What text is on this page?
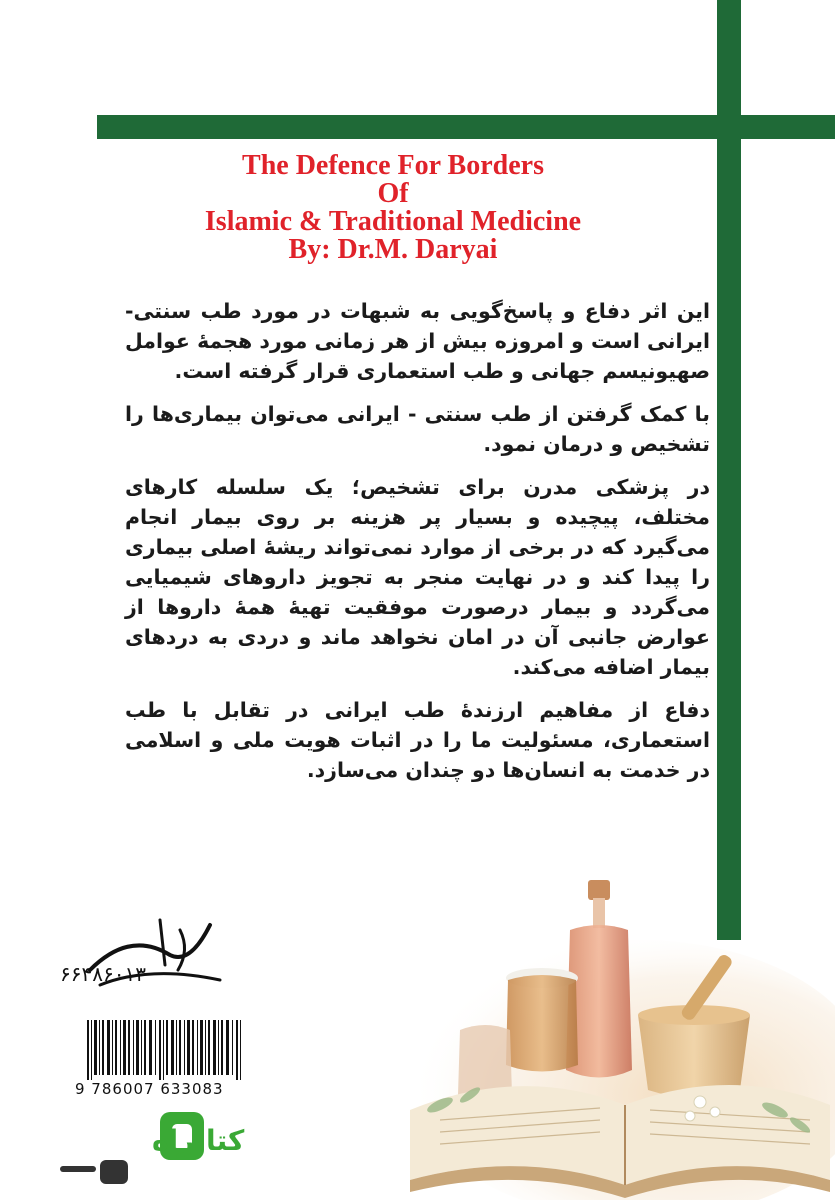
The Defence For Borders
Of
Islamic & Traditional Medicine
By: Dr.M. Daryai

این اثر دفاع و پاسخ‌گویی به شبهات در مورد طب سنتی- ایرانی است و امروزه بیش از هر زمانی مورد هجمهٔ عوامل صهیونیسم جهانی و طب استعماری قرار گرفته است.

با کمک گرفتن از طب سنتی - ایرانی می‌توان بیماری‌ها را تشخیص و درمان نمود.

در پزشکی مدرن برای تشخیص؛ یک سلسله کارهای مختلف، پیچیده و بسیار پر هزینه بر روی بیمار انجام می‌گیرد که در برخی از موارد نمی‌تواند ریشهٔ اصلی بیماری را پیدا کند و در نهایت منجر به تجویز داروهای شیمیایی می‌گردد و بیمار درصورت موفقیت تهیهٔ همهٔ داروها از عوارض جانبی آن در امان نخواهد ماند و دردی به دردهای بیمار اضافه می‌کند.

دفاع از مفاهیم ارزندهٔ طب ایرانی در تقابل با طب استعماری، مسئولیت ما را در اثبات هویت ملی و اسلامی در خدمت به انسان‌ها دو چندان می‌سازد.

آرمان
۶۶۴۸۶۰۱۳
9 786007 633083
کتابراه
